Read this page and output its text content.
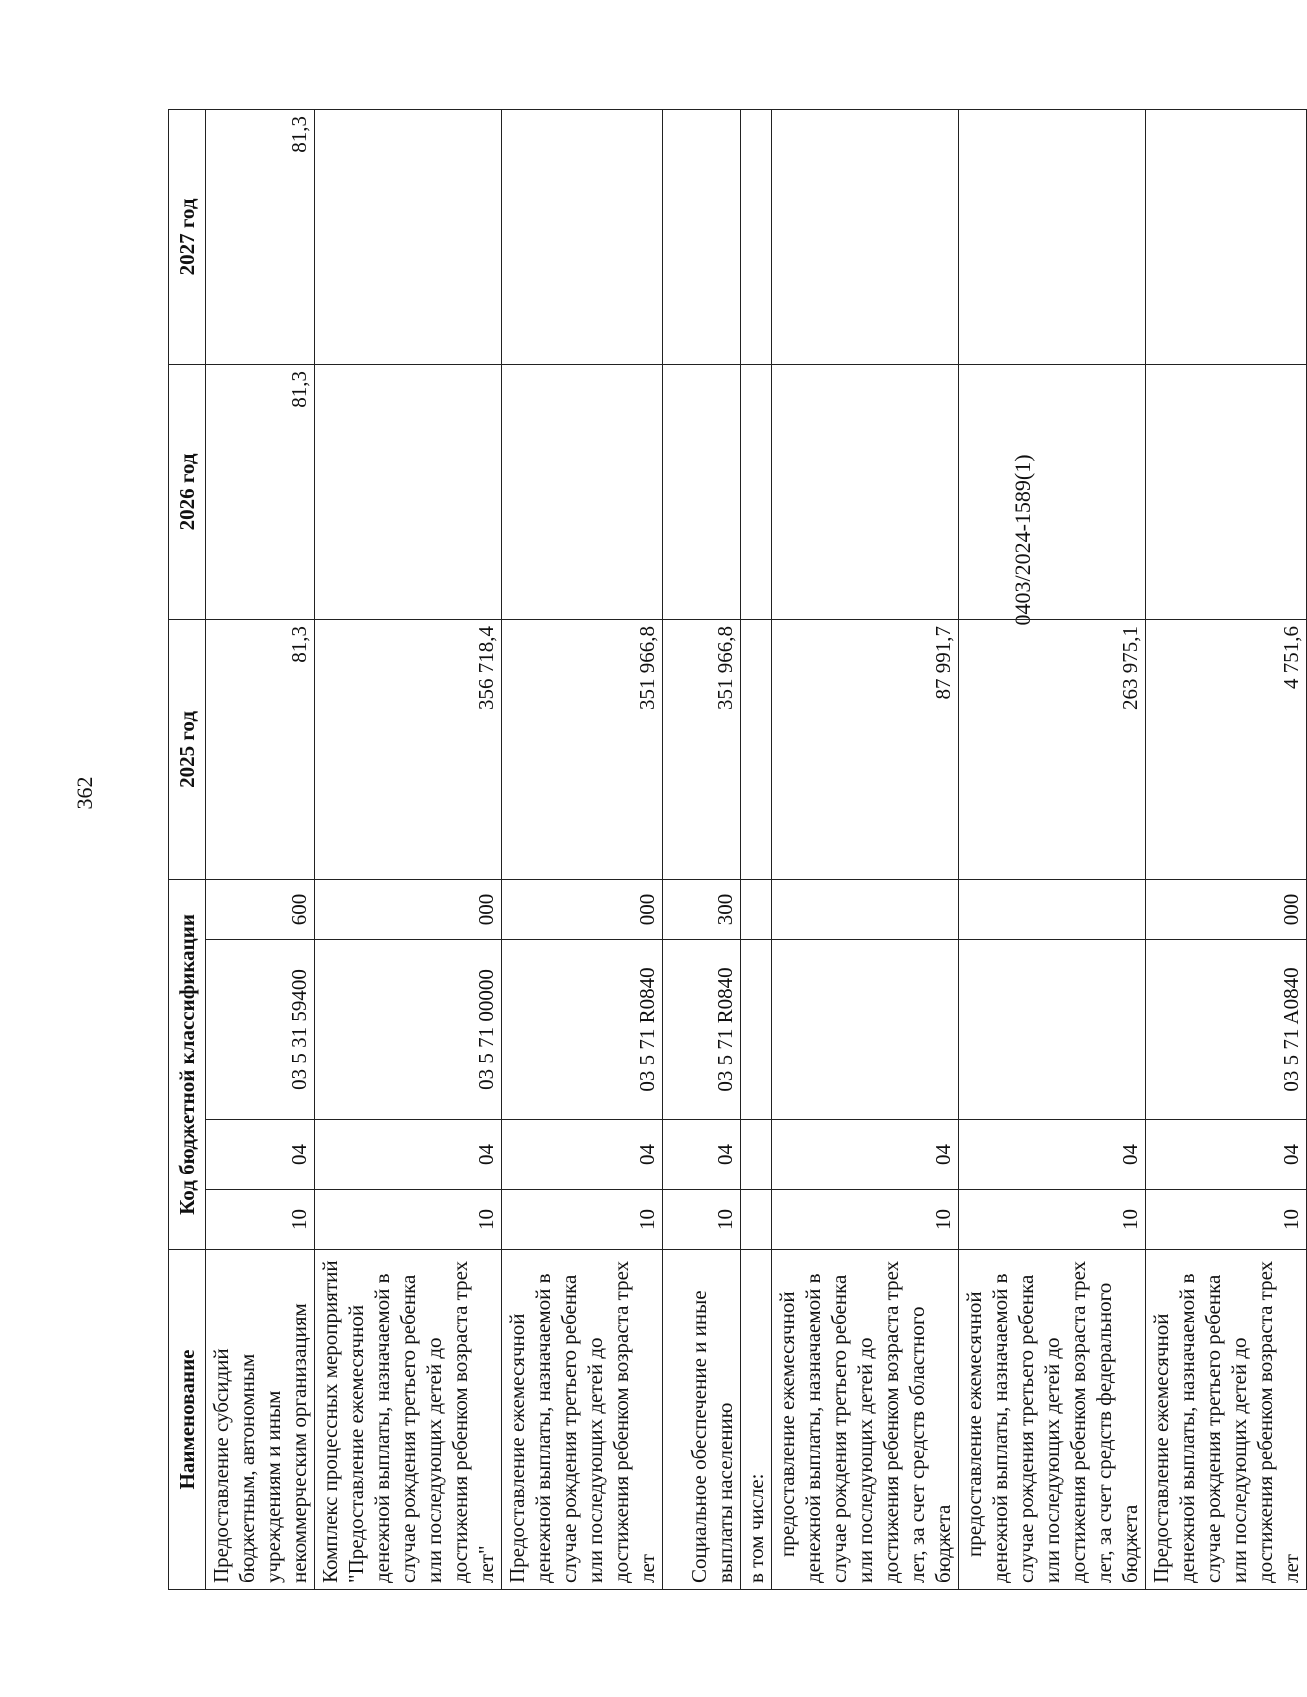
362
0403/2024-1589(1)
Наименование	Код бюджетной классификации				2025 год	2026 год	2027 год
Предоставление субсидий бюджетным, автономным учреждениям и иным некоммерческим организациям	10	04	03 5 31 59400	600	81,3	81,3	81,3
Комплекс процессных мероприятий "Предоставление ежемесячной денежной выплаты, назначаемой в случае рождения третьего ребенка или последующих детей до достижения ребенком возраста трех лет"	10	04	03 5 71 00000	000	356 718,4		
Предоставление ежемесячной денежной выплаты, назначаемой в случае рождения третьего ребенка или последующих детей до достижения ребенком возраста трех лет	10	04	03 5 71 R0840	000	351 966,8		
Социальное обеспечение и иные выплаты населению	10	04	03 5 71 R0840	300	351 966,8		
в том числе:							
предоставление ежемесячной денежной выплаты, назначаемой в случае рождения третьего ребенка или последующих детей до достижения ребенком возраста трех лет, за счет средств областного бюджета	10	04			87 991,7		
предоставление ежемесячной денежной выплаты, назначаемой в случае рождения третьего ребенка или последующих детей до достижения ребенком возраста трех лет, за счет средств федерального бюджета	10	04			263 975,1		
Предоставление ежемесячной денежной выплаты, назначаемой в случае рождения третьего ребенка или последующих детей до достижения ребенком возраста трех лет	10	04	03 5 71 A0840	000	4 751,6		
